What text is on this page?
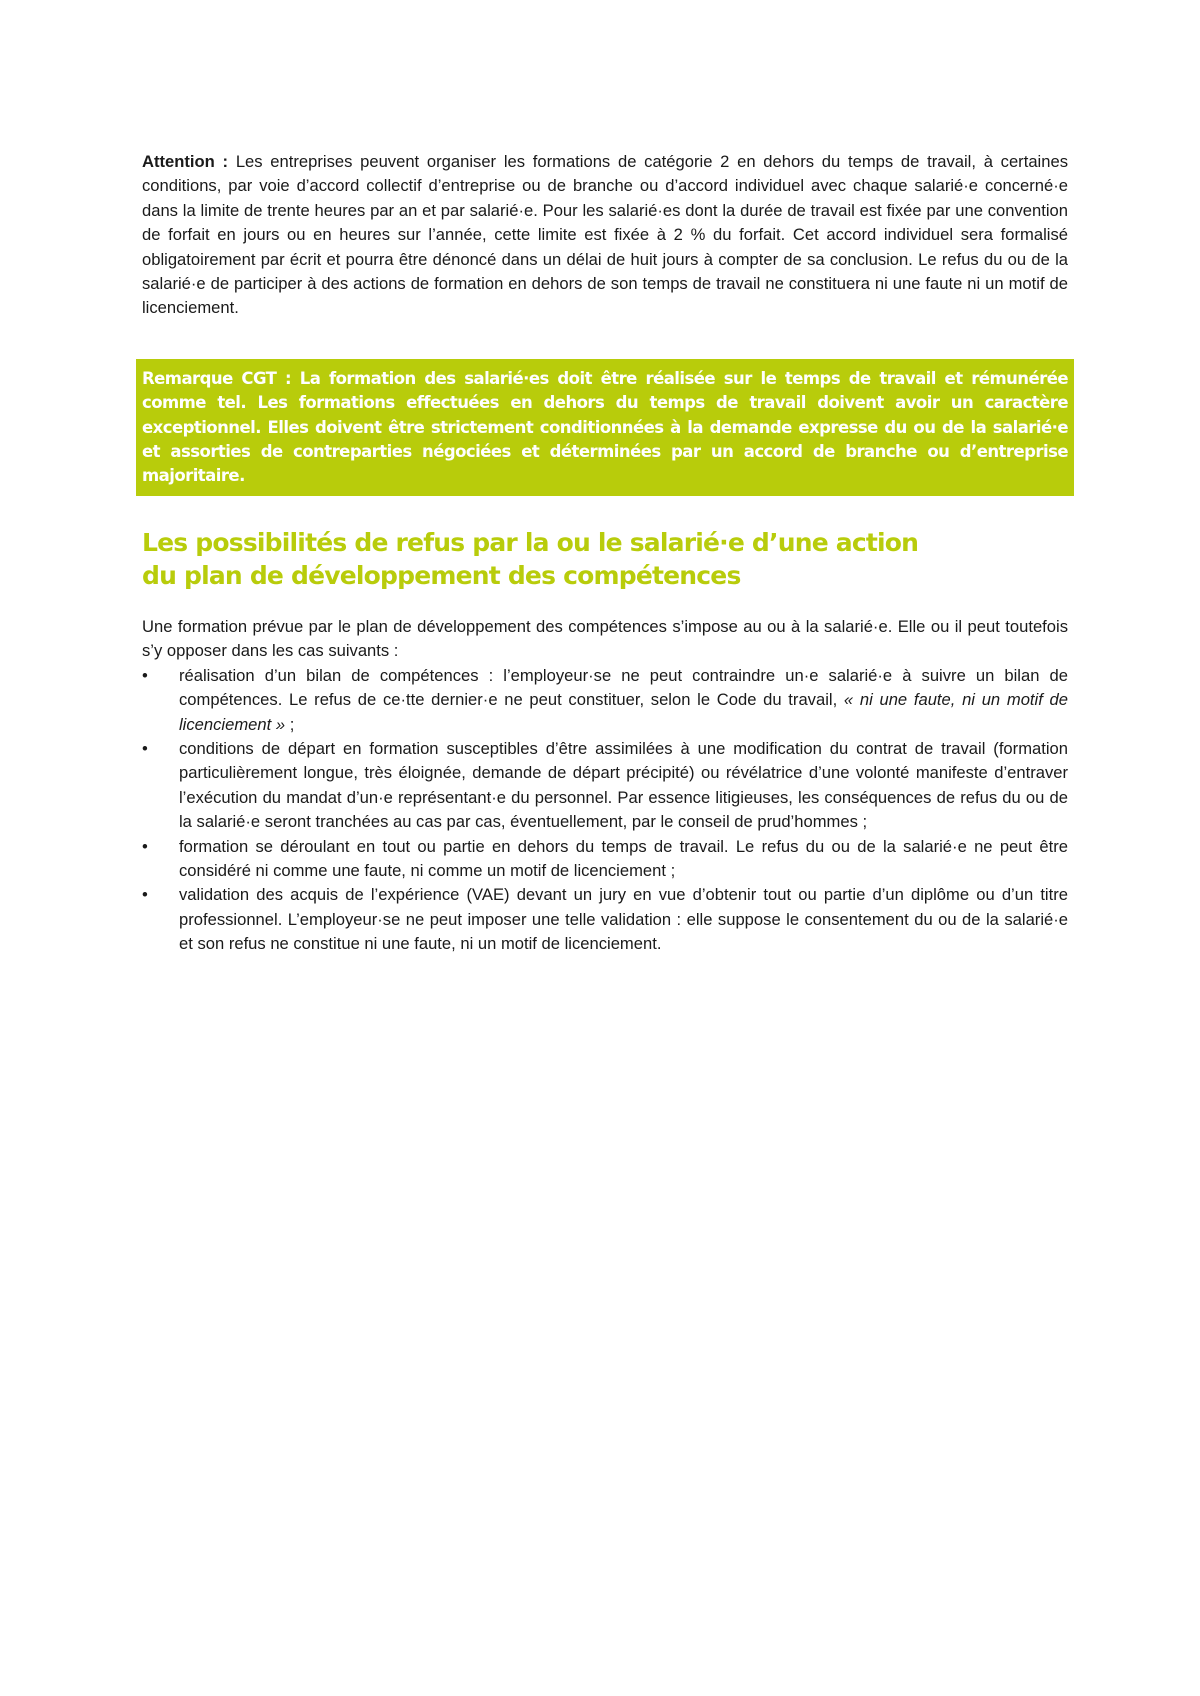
Attention : Les entreprises peuvent organiser les formations de catégorie 2 en dehors du temps de travail, à certaines conditions, par voie d’accord collectif d’entreprise ou de branche ou d’accord individuel avec chaque salarié·e concerné·e dans la limite de trente heures par an et par salarié·e. Pour les salarié·es dont la durée de travail est fixée par une convention de forfait en jours ou en heures sur l’année, cette limite est fixée à 2 % du forfait. Cet accord individuel sera formalisé obligatoirement par écrit et pourra être dénoncé dans un délai de huit jours à compter de sa conclusion. Le refus du ou de la salarié·e de participer à des actions de formation en dehors de son temps de travail ne constituera ni une faute ni un motif de licenciement.

Remarque CGT : La formation des salarié·es doit être réalisée sur le temps de travail et rémunérée comme tel. Les formations effectuées en dehors du temps de travail doivent avoir un caractère exceptionnel. Elles doivent être strictement conditionnées à la demande expresse du ou de la salarié·e et assorties de contreparties négociées et déterminées par un accord de branche ou d’entreprise majoritaire.

Les possibilités de refus par la ou le salarié·e d’une action
du plan de développement des compétences

Une formation prévue par le plan de développement des compétences s’impose au ou à la salarié·e. Elle ou il peut toutefois s’y opposer dans les cas suivants :

• réalisation d’un bilan de compétences : l’employeur·se ne peut contraindre un·e salarié·e à suivre un bilan de compétences. Le refus de ce·tte dernier·e ne peut constituer, selon le Code du travail, « ni une faute, ni un motif de licenciement » ;
• conditions de départ en formation susceptibles d’être assimilées à une modification du contrat de travail (formation particulièrement longue, très éloignée, demande de départ précipité) ou révélatrice d’une volonté manifeste d’entraver l’exécution du mandat d’un·e représentant·e du personnel. Par essence litigieuses, les conséquences de refus du ou de la salarié·e seront tranchées au cas par cas, éventuellement, par le conseil de prud’hommes ;
• formation se déroulant en tout ou partie en dehors du temps de travail. Le refus du ou de la salarié·e ne peut être considéré ni comme une faute, ni comme un motif de licenciement ;
• validation des acquis de l’expérience (VAE) devant un jury en vue d’obtenir tout ou partie d’un diplôme ou d’un titre professionnel. L’employeur·se ne peut imposer une telle validation : elle suppose le consentement du ou de la salarié·e et son refus ne constitue ni une faute, ni un motif de licenciement.
